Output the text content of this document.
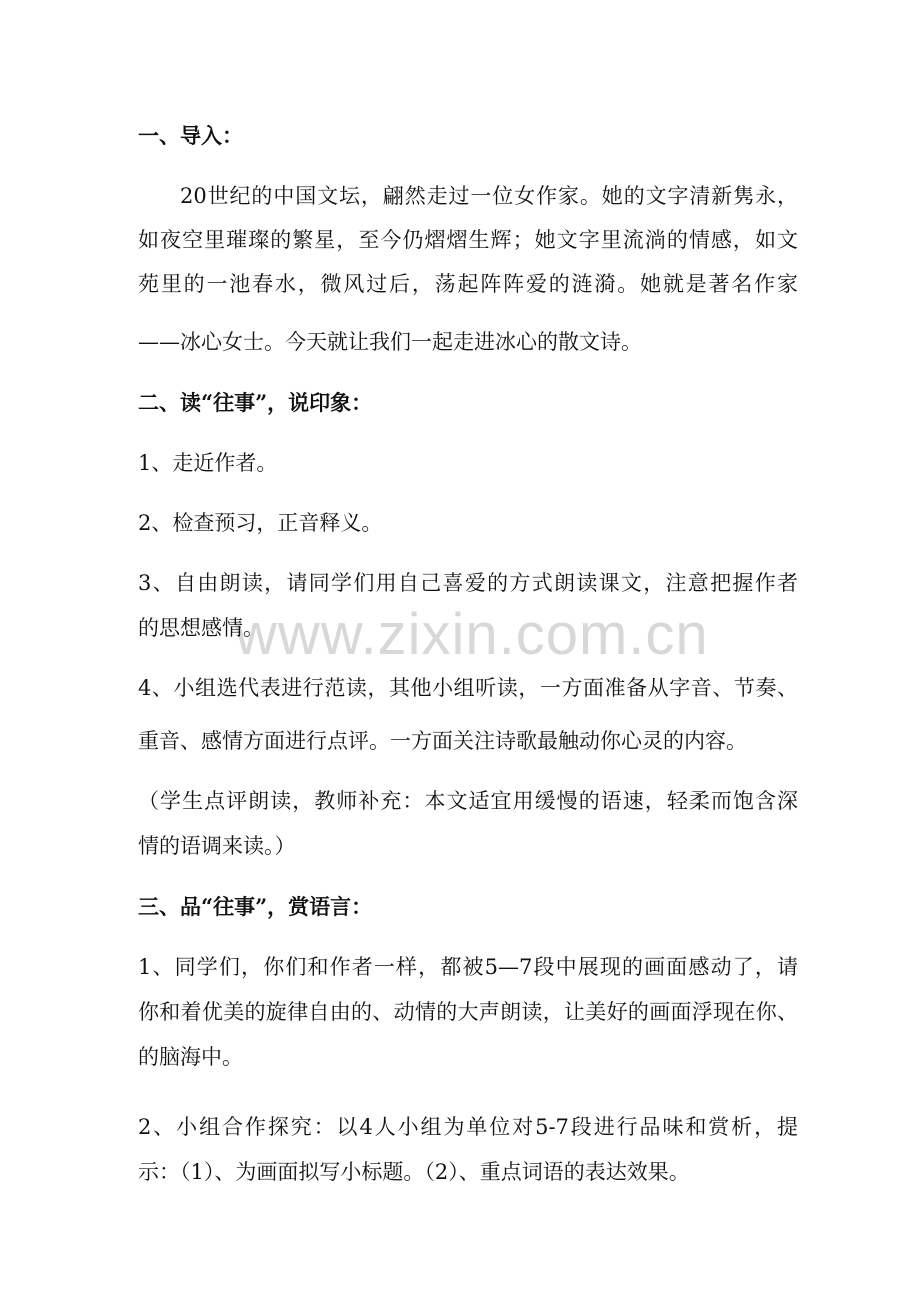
www.zixin.com.cn
一、导入：
20世纪的中国文坛，翩然走过一位女作家。她的文字清新隽永，
如夜空里璀璨的繁星，至今仍熠熠生辉；她文字里流淌的情感，如文
苑里的一池春水，微风过后，荡起阵阵爱的涟漪。她就是著名作家
——冰心女士。今天就让我们一起走进冰心的散文诗。
二、读“往事”，说印象：
1、走近作者。
2、检查预习，正音释义。
3、自由朗读，请同学们用自己喜爱的方式朗读课文，注意把握作者
的思想感情。
4、小组选代表进行范读，其他小组听读，一方面准备从字音、节奏、
重音、感情方面进行点评。一方面关注诗歌最触动你心灵的内容。
（学生点评朗读，教师补充：本文适宜用缓慢的语速，轻柔而饱含深
情的语调来读。）
三、品“往事”，赏语言：
1、同学们，你们和作者一样，都被5—7段中展现的画面感动了，请
你和着优美的旋律自由的、动情的大声朗读，让美好的画面浮现在你、
的脑海中。
2、小组合作探究：以4人小组为单位对5-7段进行品味和赏析，提
示：（1）、为画面拟写小标题。（2）、重点词语的表达效果。
